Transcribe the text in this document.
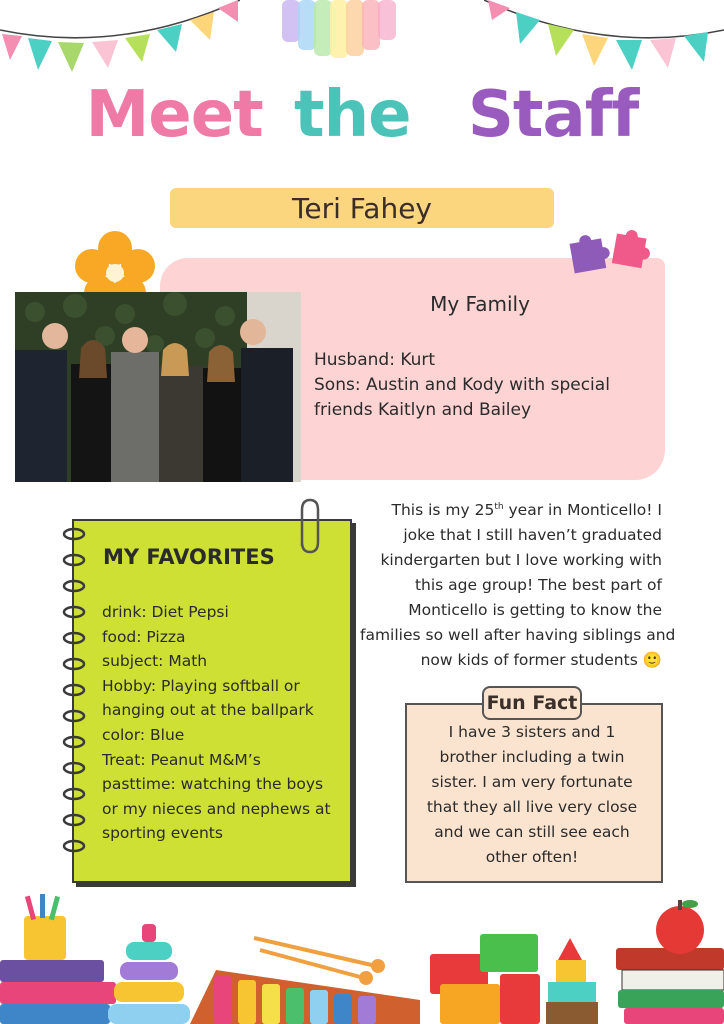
Meet the Staff
Teri Fahey
My Family
Husband: Kurt
Sons: Austin and Kody with special
friends Kaitlyn and Bailey
MY FAVORITES
drink: Diet Pepsi
food: Pizza
subject: Math
Hobby: Playing softball or
hanging out at the ballpark
color: Blue
Treat: Peanut M&M’s
pasttime: watching the boys
or my nieces and nephews at
sporting events
This is my 25th year in Monticello! I
joke that I still haven’t graduated
kindergarten but I love working with
this age group! The best part of
Monticello is getting to know the
families so well after having siblings and
now kids of former students 🙂
Fun Fact
I have 3 sisters and 1
brother including a twin
sister. I am very fortunate
that they all live very close
and we can still see each
other often!
